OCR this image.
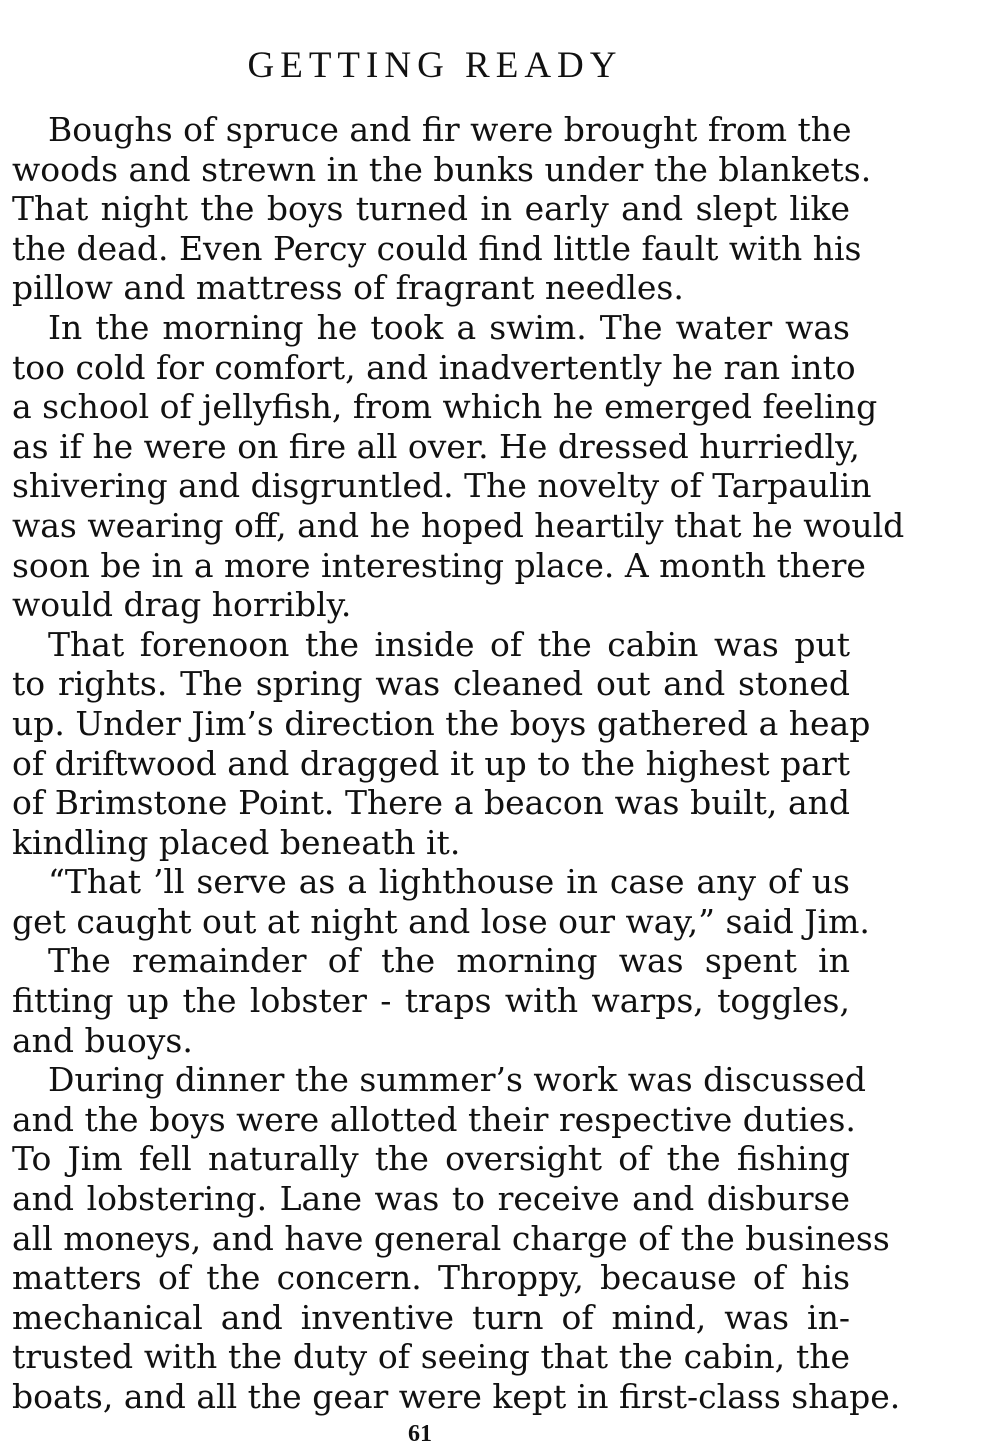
GETTING READY
Boughs of spruce and fir were brought from the
woods and strewn in the bunks under the blankets.
That night the boys turned in early and slept like
the dead. Even Percy could find little fault with his
pillow and mattress of fragrant needles.
In the morning he took a swim. The water was
too cold for comfort, and inadvertently he ran into
a school of jellyfish, from which he emerged feeling
as if he were on fire all over. He dressed hurriedly,
shivering and disgruntled. The novelty of Tarpaulin
was wearing off, and he hoped heartily that he would
soon be in a more interesting place. A month there
would drag horribly.
That forenoon the inside of the cabin was put
to rights. The spring was cleaned out and stoned
up. Under Jim’s direction the boys gathered a heap
of driftwood and dragged it up to the highest part
of Brimstone Point. There a beacon was built, and
kindling placed beneath it.
“That ’ll serve as a lighthouse in case any of us
get caught out at night and lose our way,” said Jim.
The remainder of the morning was spent in
fitting up the lobster - traps with warps, toggles,
and buoys.
During dinner the summer’s work was discussed
and the boys were allotted their respective duties.
To Jim fell naturally the oversight of the fishing
and lobstering. Lane was to receive and disburse
all moneys, and have general charge of the business
matters of the concern. Throppy, because of his
mechanical and inventive turn of mind, was in-
trusted with the duty of seeing that the cabin, the
boats, and all the gear were kept in first-class shape.
61
